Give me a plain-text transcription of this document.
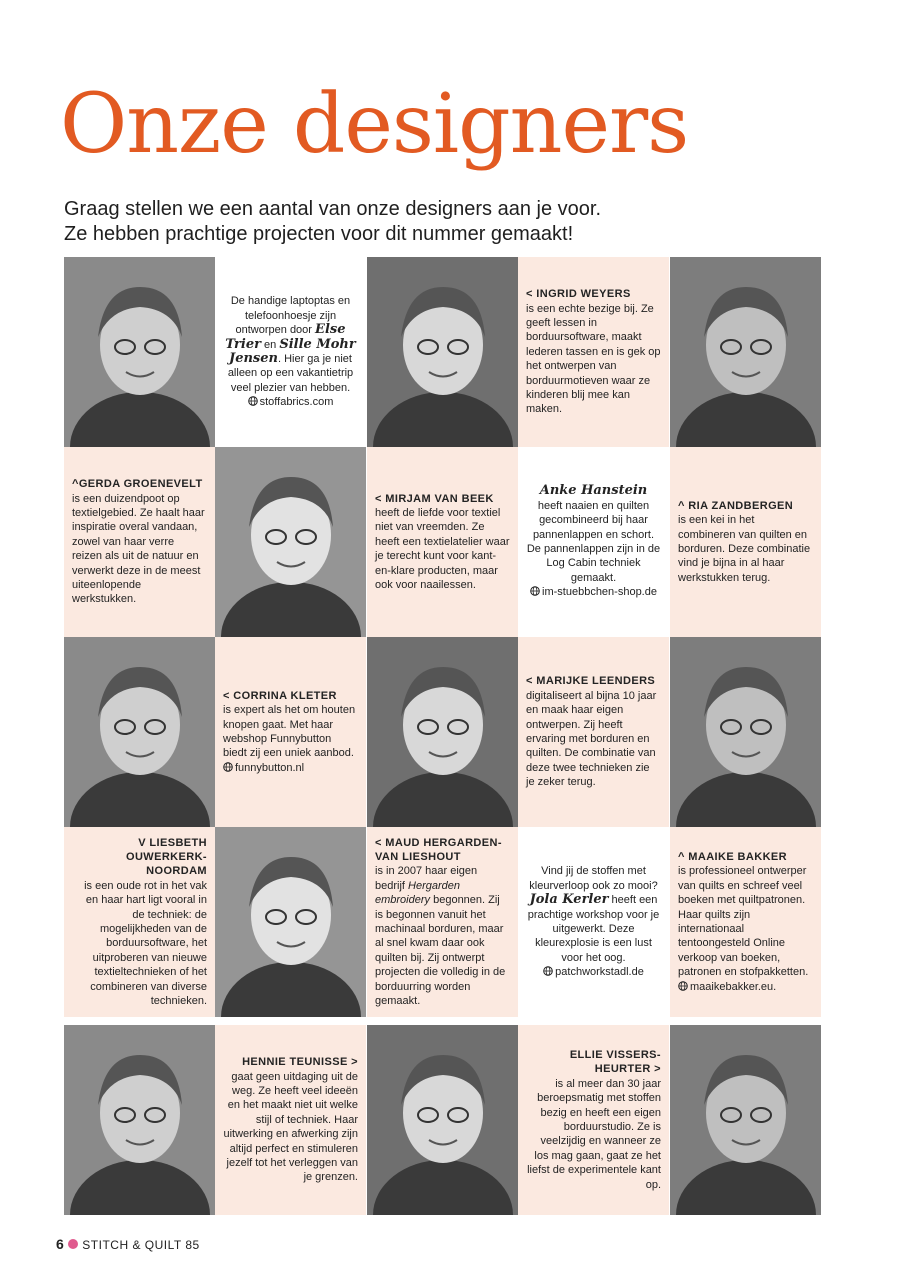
Onze designers
Graag stellen we een aantal van onze designers aan je voor.
Ze hebben prachtige projecten voor dit nummer gemaakt!
De handige laptoptas en telefoonhoesje zijn ontworpen door Else Trier en Sille Mohr Jensen. Hier ga je niet alleen op een vakantietrip veel plezier van hebben.
stoffabrics.com
< INGRID WEYERS
is een echte bezige bij. Ze geeft lessen in borduursoftware, maakt lederen tassen en is gek op het ontwerpen van borduurmotieven waar ze kinderen blij mee kan maken.
^GERDA GROENEVELT
is een duizendpoot op textielgebied. Ze haalt haar inspiratie overal vandaan, zowel van haar verre reizen als uit de natuur en verwerkt deze in de meest uiteenlopende werkstukken.
< MIRJAM VAN BEEK
heeft de liefde voor textiel niet van vreemden. Ze heeft een textielatelier waar je terecht kunt voor kant-en-klare producten, maar ook voor naailessen.
Anke Hanstein heeft naaien en quilten gecombineerd bij haar pannenlappen en schort. De pannenlappen zijn in de Log Cabin techniek gemaakt.
im-stuebbchen-shop.de
^ RIA ZANDBERGEN
is een kei in het combineren van quilten en borduren. Deze combinatie vind je bijna in al haar werkstukken terug.
< CORRINA KLETER
is expert als het om houten knopen gaat. Met haar webshop Funnybutton biedt zij een uniek aanbod.
funnybutton.nl
< MARIJKE LEENDERS
digitaliseert al bijna 10 jaar en maak haar eigen ontwerpen. Zij heeft ervaring met borduren en quilten. De combinatie van deze twee technieken zie je zeker terug.
V LIESBETH OUWERKERK-NOORDAM
is een oude rot in het vak en haar hart ligt vooral in de techniek: de mogelijkheden van de borduursoftware, het uitproberen van nieuwe textieltechnieken of het combineren van diverse technieken.
< MAUD HERGARDEN-VAN LIESHOUT
is in 2007 haar eigen bedrijf Hergarden embroidery begonnen. Zij is begonnen vanuit het machinaal borduren, maar al snel kwam daar ook quilten bij. Zij ontwerpt projecten die volledig in de borduurring worden gemaakt.
Vind jij de stoffen met kleurverloop ook zo mooi? Jola Kerler heeft een prachtige workshop voor je uitgewerkt. Deze kleurexplosie is een lust voor het oog.
patchworkstadl.de
^ MAAIKE BAKKER
is professioneel ontwerper van quilts en schreef veel boeken met quiltpatronen. Haar quilts zijn internationaal tentoongesteld Online verkoop van boeken, patronen en stofpakketten.
maaikebakker.eu.
HENNIE TEUNISSE >
gaat geen uitdaging uit de weg. Ze heeft veel ideeën en het maakt niet uit welke stijl of techniek. Haar uitwerking en afwerking zijn altijd perfect en stimuleren jezelf tot het verleggen van je grenzen.
ELLIE VISSERS-HEURTER >
is al meer dan 30 jaar beroepsmatig met stoffen bezig en heeft een eigen borduurstudio. Ze is veelzijdig en wanneer ze los mag gaan, gaat ze het liefst de experimentele kant op.
6 STITCH & QUILT 85
